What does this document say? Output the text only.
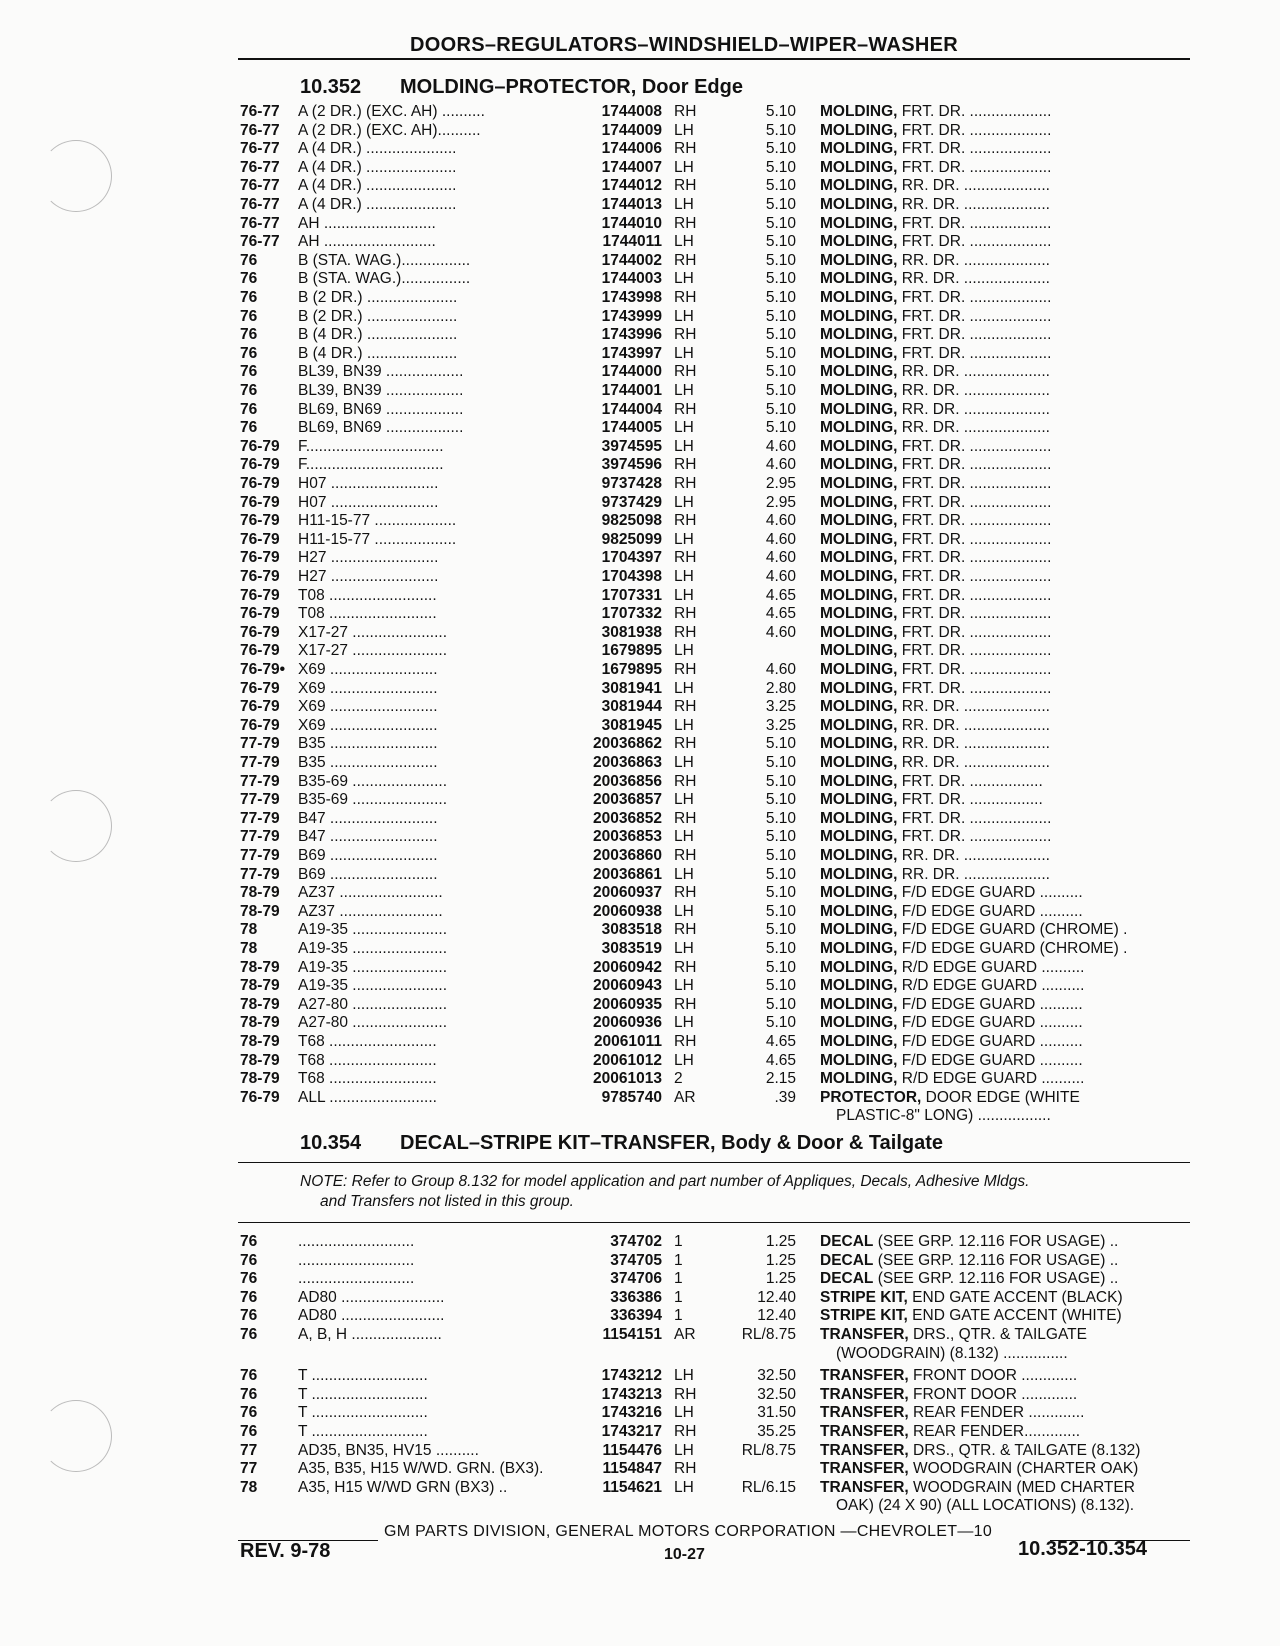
DOORS–REGULATORS–WINDSHIELD–WIPER–WASHER
10.352 MOLDING–PROTECTOR, Door Edge
76-77 A (2 DR.) (EXC. AH) ..........	1744008 RH	5.10 MOLDING, FRT. DR. ...................
76-77 A (2 DR.) (EXC. AH)..........	1744009 LH	5.10 MOLDING, FRT. DR. ...................
76-77 A (4 DR.) .....................	1744006 RH	5.10 MOLDING, FRT. DR. ...................
76-77 A (4 DR.) .....................	1744007 LH	5.10 MOLDING, FRT. DR. ...................
76-77 A (4 DR.) .....................	1744012 RH	5.10 MOLDING, RR. DR. ....................
76-77 A (4 DR.) .....................	1744013 LH	5.10 MOLDING, RR. DR. ....................
76-77 AH ..........................	1744010 RH	5.10 MOLDING, FRT. DR. ...................
76-77 AH ..........................	1744011 LH	5.10 MOLDING, FRT. DR. ...................
76	B (STA. WAG.)................	1744002 RH	5.10 MOLDING, RR. DR. ....................
76	B (STA. WAG.)................	1744003 LH	5.10 MOLDING, RR. DR. ....................
76	B (2 DR.) .....................	1743998 RH	5.10 MOLDING, FRT. DR. ...................
76	B (2 DR.) .....................	1743999 LH	5.10 MOLDING, FRT. DR. ...................
76	B (4 DR.) .....................	1743996 RH	5.10 MOLDING, FRT. DR. ...................
76	B (4 DR.) .....................	1743997 LH	5.10 MOLDING, FRT. DR. ...................
76	BL39, BN39 ..................	1744000 RH	5.10 MOLDING, RR. DR. ....................
76	BL39, BN39 ..................	1744001 LH	5.10 MOLDING, RR. DR. ....................
76	BL69, BN69 ..................	1744004 RH	5.10 MOLDING, RR. DR. ....................
76	BL69, BN69 ..................	1744005 LH	5.10 MOLDING, RR. DR. ....................
76-79 F................................	3974595 LH	4.60 MOLDING, FRT. DR. ...................
76-79 F................................	3974596 RH	4.60 MOLDING, FRT. DR. ...................
76-79 H07 .........................	9737428 RH	2.95 MOLDING, FRT. DR. ...................
76-79 H07 .........................	9737429 LH	2.95 MOLDING, FRT. DR. ...................
76-79 H11-15-77 ...................	9825098 RH	4.60 MOLDING, FRT. DR. ...................
76-79 H11-15-77 ...................	9825099 LH	4.60 MOLDING, FRT. DR. ...................
76-79 H27 .........................	1704397 RH	4.60 MOLDING, FRT. DR. ...................
76-79 H27 .........................	1704398 LH	4.60 MOLDING, FRT. DR. ...................
76-79 T08 .........................	1707331 LH	4.65 MOLDING, FRT. DR. ...................
76-79 T08 .........................	1707332 RH	4.65 MOLDING, FRT. DR. ...................
76-79 X17-27 ......................	3081938 RH	4.60 MOLDING, FRT. DR. ...................
76-79 X17-27 ......................	1679895 LH	MOLDING, FRT. DR. ...................
76-79• X69 .........................	1679895 RH	4.60 MOLDING, FRT. DR. ...................
76-79 X69 .........................	3081941 LH	2.80 MOLDING, FRT. DR. ...................
76-79 X69 .........................	3081944 RH	3.25 MOLDING, RR. DR. ....................
76-79 X69 .........................	3081945 LH	3.25 MOLDING, RR. DR. ....................
77-79 B35 .........................	20036862 RH	5.10 MOLDING, RR. DR. ....................
77-79 B35 .........................	20036863 LH	5.10 MOLDING, RR. DR. ....................
77-79 B35-69 ......................	20036856 RH	5.10 MOLDING, FRT. DR. .................
77-79 B35-69 ......................	20036857 LH	5.10 MOLDING, FRT. DR. .................
77-79 B47 .........................	20036852 RH	5.10 MOLDING, FRT. DR. ...................
77-79 B47 .........................	20036853 LH	5.10 MOLDING, FRT. DR. ...................
77-79 B69 .........................	20036860 RH	5.10 MOLDING, RR. DR. ....................
77-79 B69 .........................	20036861 LH	5.10 MOLDING, RR. DR. ....................
78-79 AZ37 ........................	20060937 RH	5.10 MOLDING, F/D EDGE GUARD ..........
78-79 AZ37 ........................	20060938 LH	5.10 MOLDING, F/D EDGE GUARD ..........
78	A19-35 ......................	3083518 RH	5.10 MOLDING, F/D EDGE GUARD (CHROME) .
78	A19-35 ......................	3083519 LH	5.10 MOLDING, F/D EDGE GUARD (CHROME) .
78-79 A19-35 ......................	20060942 RH	5.10 MOLDING, R/D EDGE GUARD ..........
78-79 A19-35 ......................	20060943 LH	5.10 MOLDING, R/D EDGE GUARD ..........
78-79 A27-80 ......................	20060935 RH	5.10 MOLDING, F/D EDGE GUARD ..........
78-79 A27-80 ......................	20060936 LH	5.10 MOLDING, F/D EDGE GUARD ..........
78-79 T68 .........................	20061011 RH	4.65 MOLDING, F/D EDGE GUARD ..........
78-79 T68 .........................	20061012 LH	4.65 MOLDING, F/D EDGE GUARD ..........
78-79 T68 .........................	20061013 2	2.15 MOLDING, R/D EDGE GUARD ..........
76-79 ALL .........................	9785740 AR	.39 PROTECTOR, DOOR EDGE (WHITE
PLASTIC-8" LONG) .................
10.354 DECAL–STRIPE KIT–TRANSFER, Body & Door & Tailgate
NOTE: Refer to Group 8.132 for model application and part number of Appliques, Decals, Adhesive Mldgs.
and Transfers not listed in this group.
76	...........................	374702 1	1.25 DECAL (SEE GRP. 12.116 FOR USAGE) ..
76	...........................	374705 1	1.25 DECAL (SEE GRP. 12.116 FOR USAGE) ..
76	...........................	374706 1	1.25 DECAL (SEE GRP. 12.116 FOR USAGE) ..
76	AD80 ........................	336386 1	12.40 STRIPE KIT, END GATE ACCENT (BLACK)
76	AD80 ........................	336394 1	12.40 STRIPE KIT, END GATE ACCENT (WHITE)
76	A, B, H .....................	1154151 AR	RL/8.75 TRANSFER, DRS., QTR. & TAILGATE
(WOODGRAIN) (8.132) ...............
76	T ...........................	1743212 LH	32.50 TRANSFER, FRONT DOOR .............
76	T ...........................	1743213 RH	32.50 TRANSFER, FRONT DOOR .............
76	T ...........................	1743216 LH	31.50 TRANSFER, REAR FENDER .............
76	T ...........................	1743217 RH	35.25 TRANSFER, REAR FENDER.............
77	AD35, BN35, HV15 ..........	1154476 LH	RL/8.75 TRANSFER, DRS., QTR. & TAILGATE (8.132)
77	A35, B35, H15 W/WD. GRN. (BX3).	1154847 RH	TRANSFER, WOODGRAIN (CHARTER OAK)
78	A35, H15 W/WD GRN (BX3) ..	1154621 LH	RL/6.15 TRANSFER, WOODGRAIN (MED CHARTER
OAK) (24 X 90) (ALL LOCATIONS) (8.132).
GM PARTS DIVISION, GENERAL MOTORS CORPORATION —CHEVROLET—10
REV. 9-78	10-27	10.352-10.354
